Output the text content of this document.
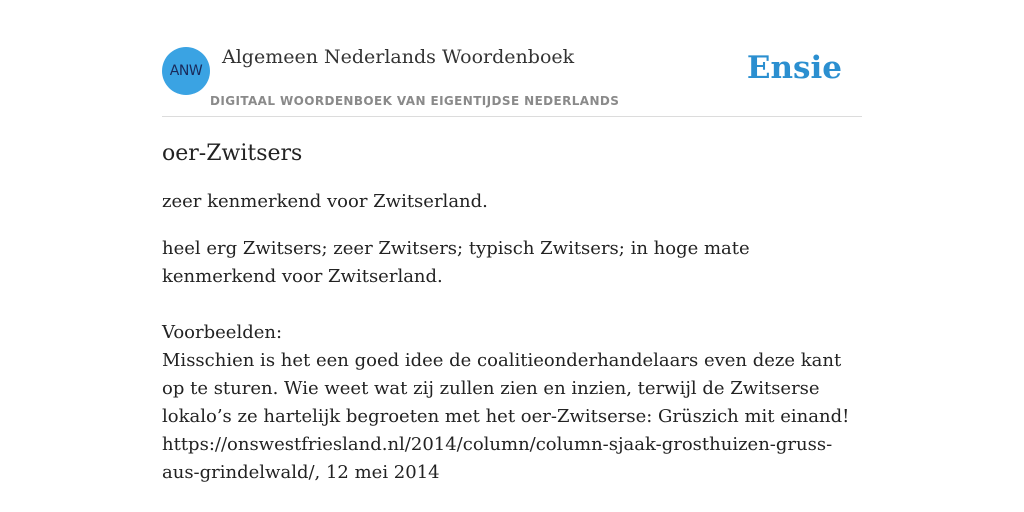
ANW
Algemeen Nederlands Woordenboek
DIGITAAL WOORDENBOEK VAN EIGENTIJDSE NEDERLANDS
Ensie
oer-Zwitsers

zeer kenmerkend voor Zwitserland.

heel erg Zwitsers; zeer Zwitsers; typisch Zwitsers; in hoge mate kenmerkend voor Zwitserland.

Voorbeelden:

Misschien is het een goed idee de coalitieonderhandelaars even deze kant op te sturen. Wie weet wat zij zullen zien en inzien, terwijl de Zwitserse lokalo’s ze hartelijk begroeten met het oer-Zwitserse: Grüszich mit einand! https://onswestfriesland.nl/2014/column/column-sjaak-grosthuizen-gruss-aus-grindelwald/, 12 mei 2014
